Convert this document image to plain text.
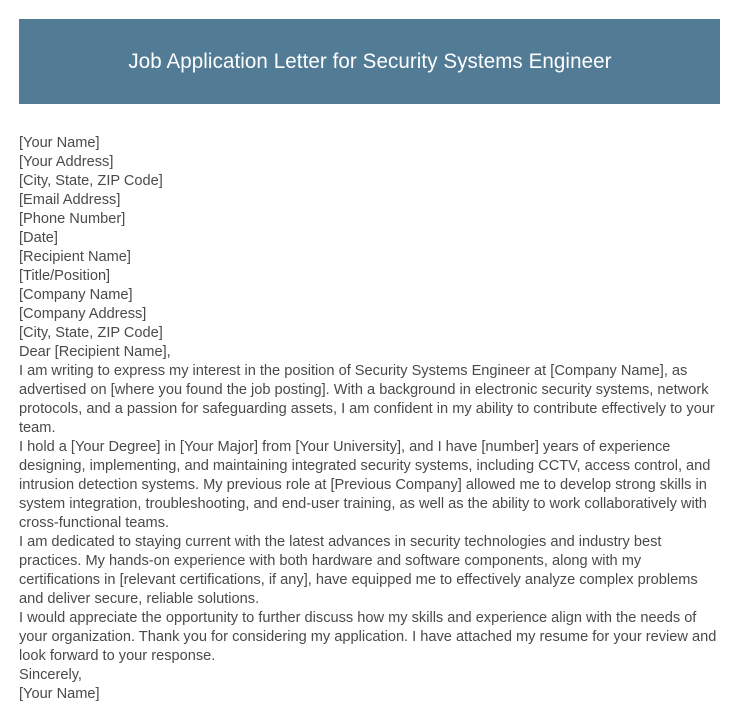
Job Application Letter for Security Systems Engineer
[Your Name]
[Your Address]
[City, State, ZIP Code]
[Email Address]
[Phone Number]
[Date]
[Recipient Name]
[Title/Position]
[Company Name]
[Company Address]
[City, State, ZIP Code]
Dear [Recipient Name],
I am writing to express my interest in the position of Security Systems Engineer at [Company Name], as advertised on [where you found the job posting]. With a background in electronic security systems, network protocols, and a passion for safeguarding assets, I am confident in my ability to contribute effectively to your team.
I hold a [Your Degree] in [Your Major] from [Your University], and I have [number] years of experience designing, implementing, and maintaining integrated security systems, including CCTV, access control, and intrusion detection systems. My previous role at [Previous Company] allowed me to develop strong skills in system integration, troubleshooting, and end-user training, as well as the ability to work collaboratively with cross-functional teams.
I am dedicated to staying current with the latest advances in security technologies and industry best practices. My hands-on experience with both hardware and software components, along with my certifications in [relevant certifications, if any], have equipped me to effectively analyze complex problems and deliver secure, reliable solutions.
I would appreciate the opportunity to further discuss how my skills and experience align with the needs of your organization. Thank you for considering my application. I have attached my resume for your review and look forward to your response.
Sincerely,
[Your Name]
